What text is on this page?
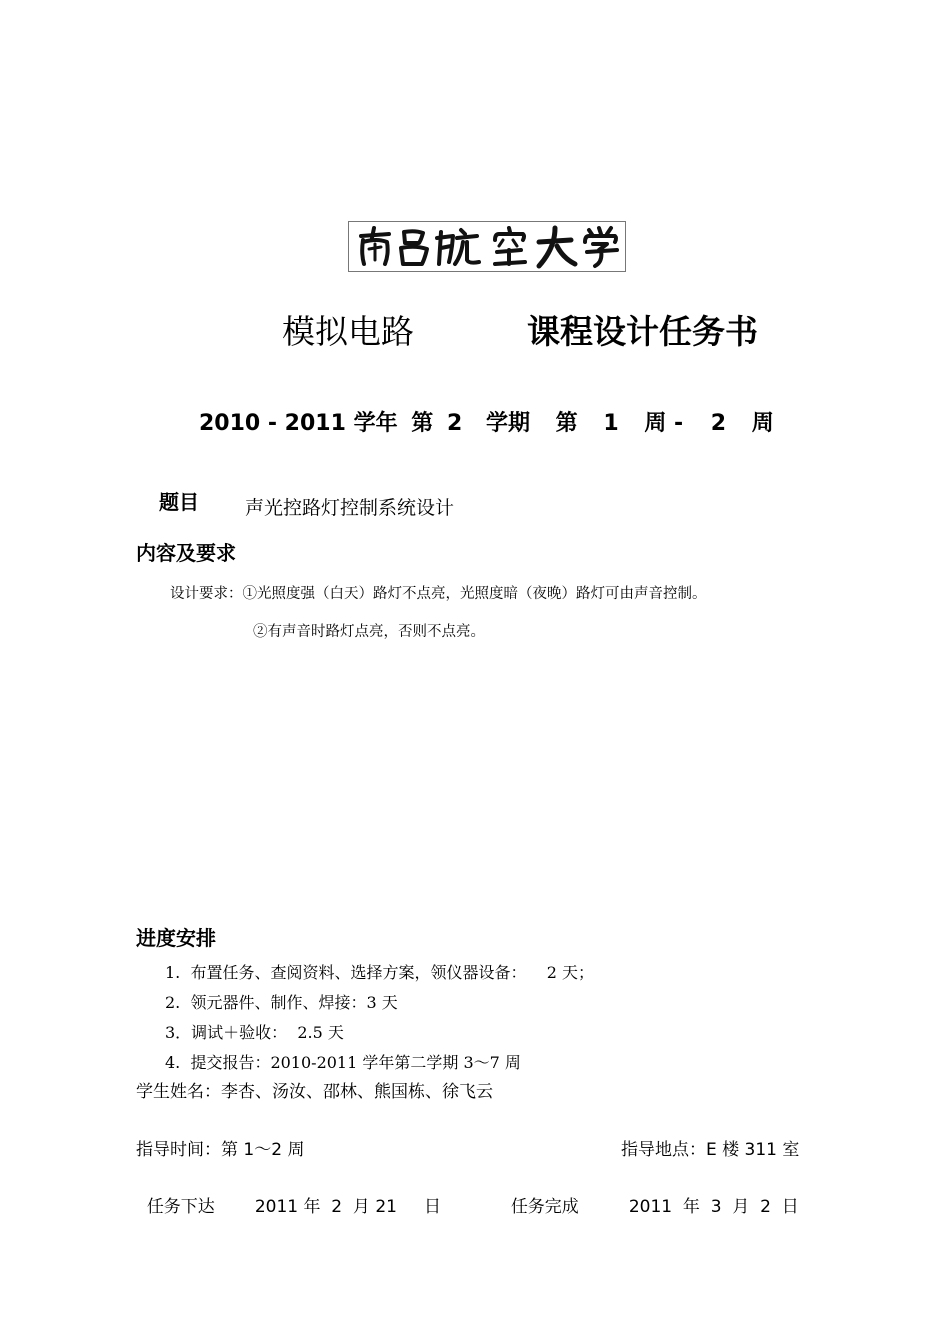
模拟电路	课程设计任务书
2010 - 2011 学年 第 2 学期 第 1 周 - 2 周
题目 声光控路灯控制系统设计
内容及要求
设计要求：①光照度强（白天）路灯不点亮，光照度暗（夜晚）路灯可由声音控制。
②有声音时路灯点亮，否则不点亮。
进度安排
1.  布置任务、查阅资料、选择方案，领仪器设备：    2 天；
2.  领元器件、制作、焊接：3 天
3．调试＋验收：  2.5 天
4.  提交报告：2010-2011 学年第二学期 3～7 周
学生姓名：李杏、汤汝、邵林、熊国栋、徐飞云
指导时间：第 1～2 周	指导地点：E 楼 311 室

任务下达 2011 年  2  月 21     日	任务完成	2011  年  3  月  2  日
